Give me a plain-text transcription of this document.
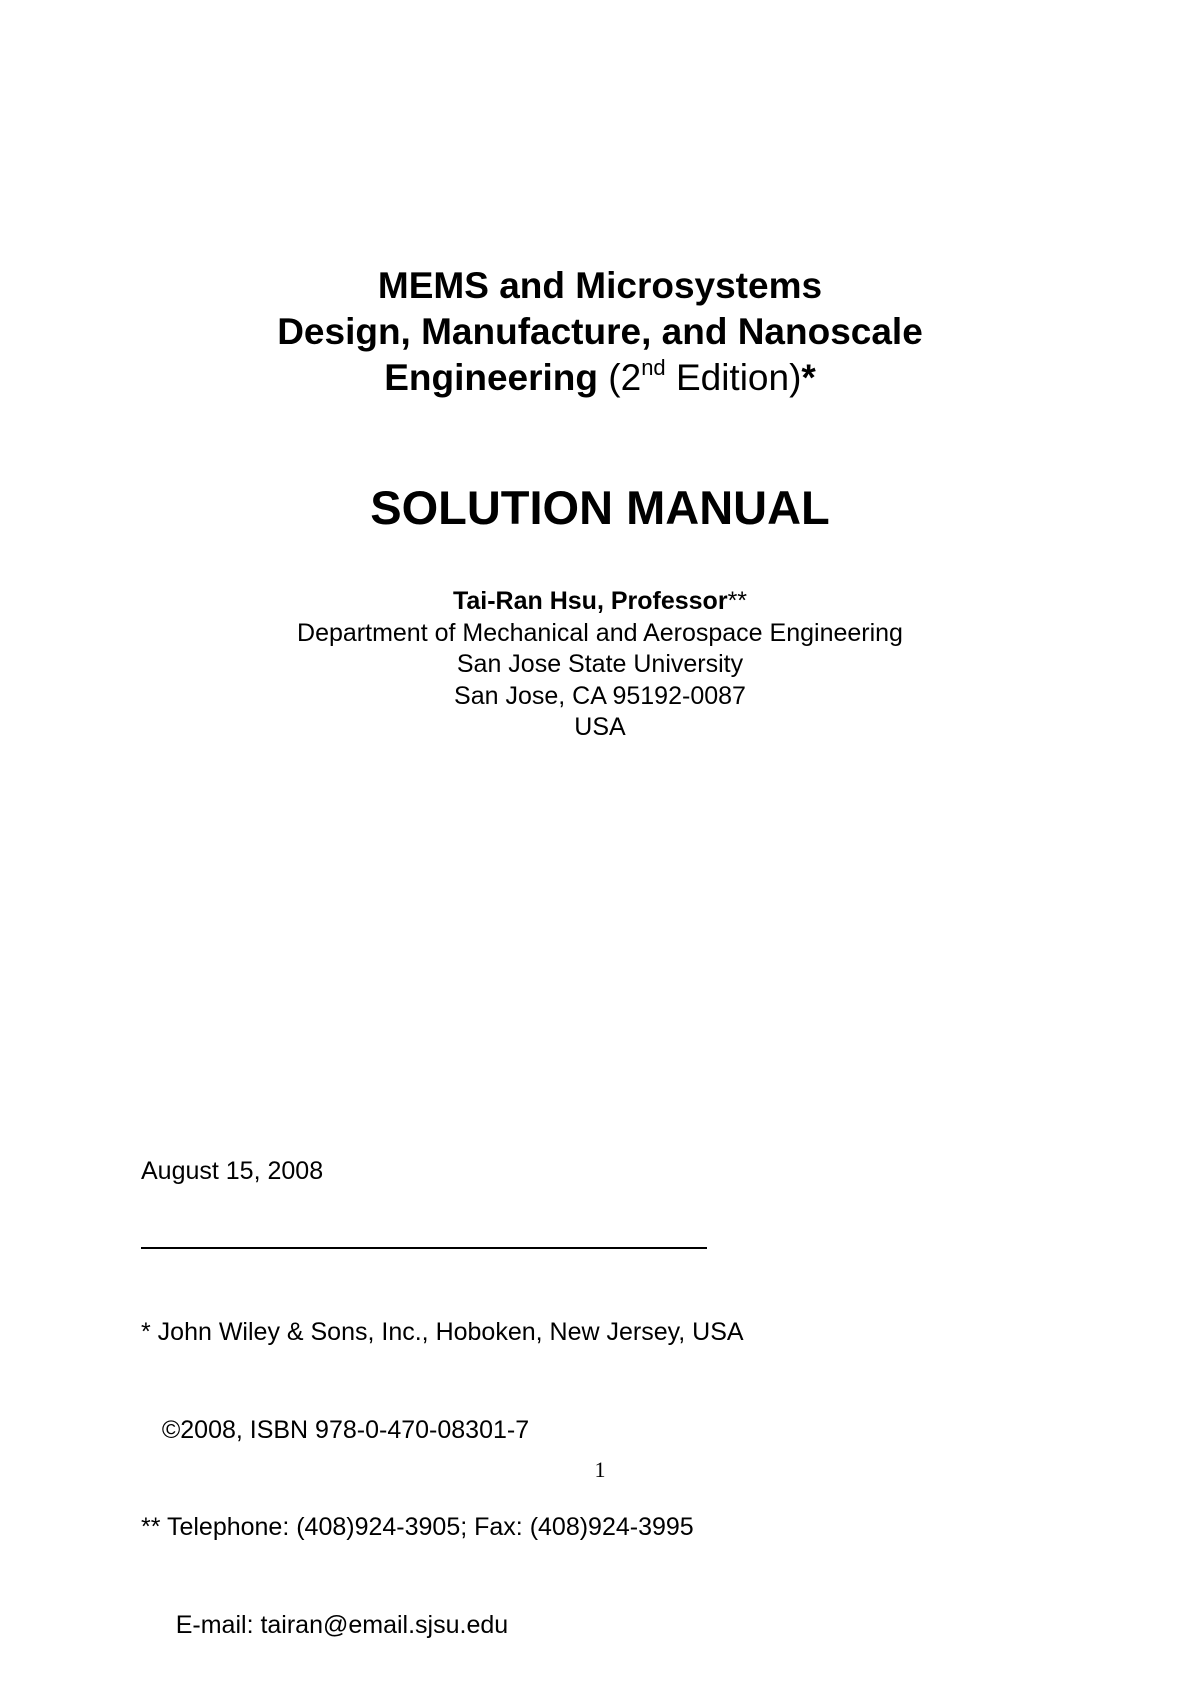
MEMS and Microsystems
Design, Manufacture, and Nanoscale
Engineering (2nd Edition)*
SOLUTION MANUAL
Tai-Ran Hsu, Professor**
Department of Mechanical and Aerospace Engineering
San Jose State University
San Jose, CA 95192-0087
USA
August 15, 2008

* John Wiley & Sons, Inc., Hoboken, New Jersey, USA

©2008, ISBN 978-0-470-08301-7

** Telephone: (408)924-3905; Fax: (408)924-3995

E-mail: tairan@email.sjsu.edu

1
